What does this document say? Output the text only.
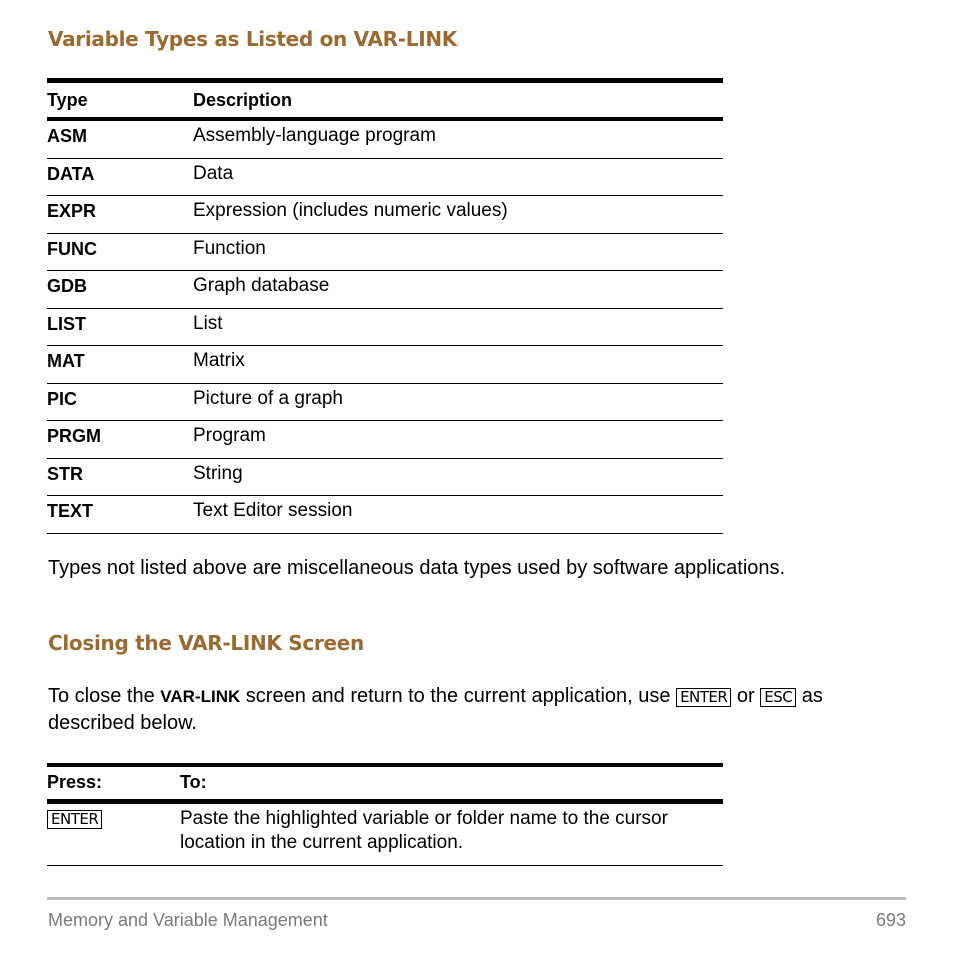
Variable Types as Listed on VAR-LINK
Type	Description
ASM	Assembly-language program
DATA	Data
EXPR	Expression (includes numeric values)
FUNC	Function
GDB	Graph database
LIST	List
MAT	Matrix
PIC	Picture of a graph
PRGM	Program
STR	String
TEXT	Text Editor session

Types not listed above are miscellaneous data types used by software applications.

Closing the VAR-LINK Screen

To close the VAR-LINK screen and return to the current application, use ENTER or ESC as described below.

Press:	To:
ENTER	Paste the highlighted variable or folder name to the cursor location in the current application.
Memory and Variable Management	693
